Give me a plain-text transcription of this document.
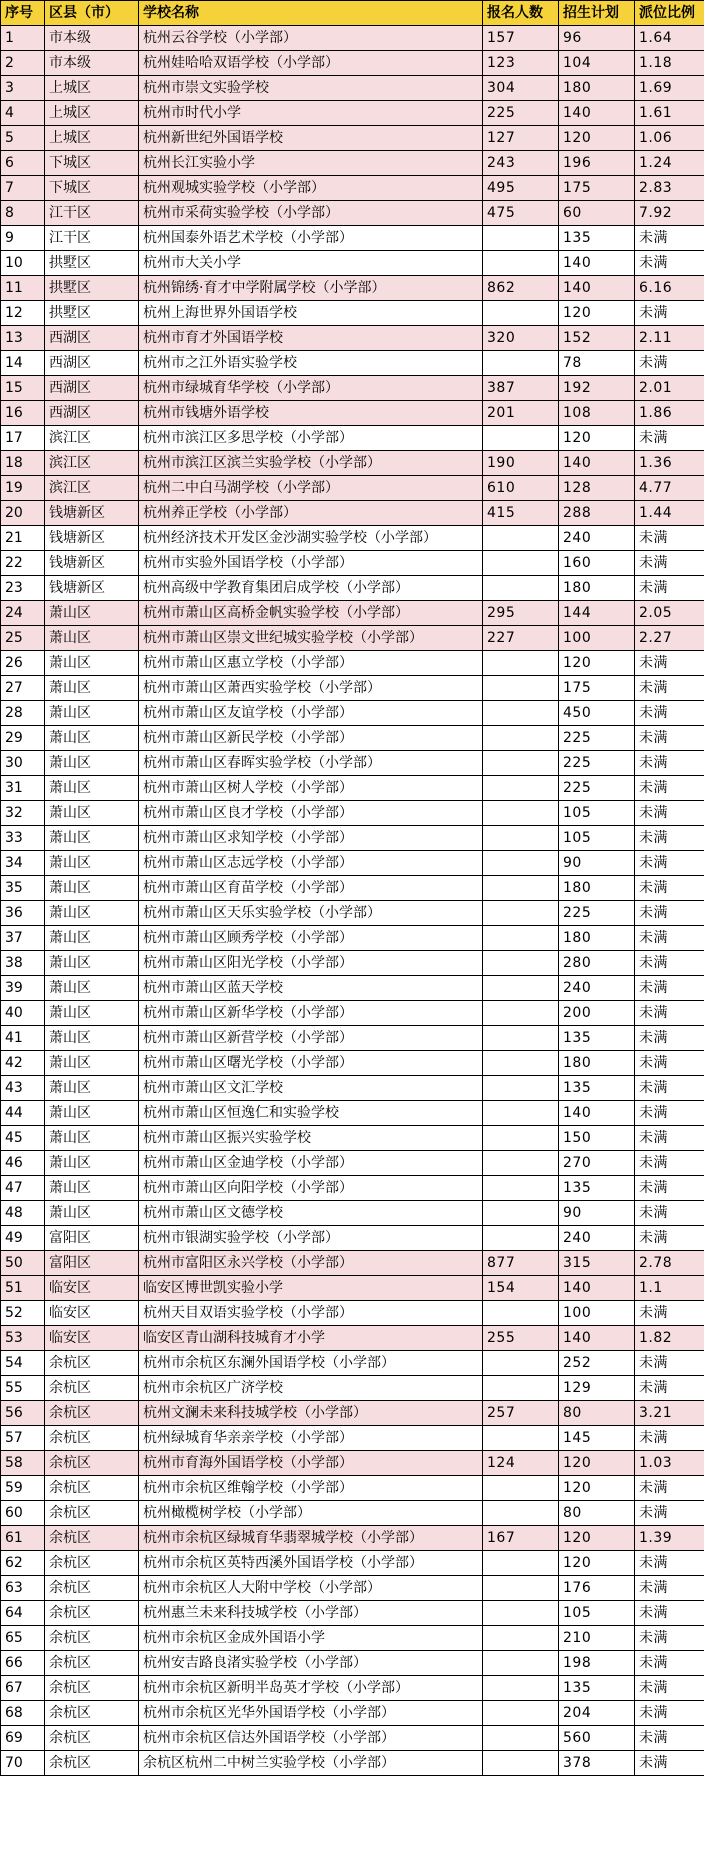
序号	区县（市）	学校名称	报名人数	招生计划	派位比例
1	市本级	杭州云谷学校（小学部）	157	96	1.64
2	市本级	杭州娃哈哈双语学校（小学部）	123	104	1.18
3	上城区	杭州市崇文实验学校	304	180	1.69
4	上城区	杭州市时代小学	225	140	1.61
5	上城区	杭州新世纪外国语学校	127	120	1.06
6	下城区	杭州长江实验小学	243	196	1.24
7	下城区	杭州观城实验学校（小学部）	495	175	2.83
8	江干区	杭州市采荷实验学校（小学部）	475	60	7.92
9	江干区	杭州国泰外语艺术学校（小学部）		135	未满
10	拱墅区	杭州市大关小学		140	未满
11	拱墅区	杭州锦绣·育才中学附属学校（小学部）	862	140	6.16
12	拱墅区	杭州上海世界外国语学校		120	未满
13	西湖区	杭州市育才外国语学校	320	152	2.11
14	西湖区	杭州市之江外语实验学校		78	未满
15	西湖区	杭州市绿城育华学校（小学部）	387	192	2.01
16	西湖区	杭州市钱塘外语学校	201	108	1.86
17	滨江区	杭州市滨江区多思学校（小学部）		120	未满
18	滨江区	杭州市滨江区滨兰实验学校（小学部）	190	140	1.36
19	滨江区	杭州二中白马湖学校（小学部）	610	128	4.77
20	钱塘新区	杭州养正学校（小学部）	415	288	1.44
21	钱塘新区	杭州经济技术开发区金沙湖实验学校（小学部）		240	未满
22	钱塘新区	杭州市实验外国语学校（小学部）		160	未满
23	钱塘新区	杭州高级中学教育集团启成学校（小学部）		180	未满
24	萧山区	杭州市萧山区高桥金帆实验学校（小学部）	295	144	2.05
25	萧山区	杭州市萧山区崇文世纪城实验学校（小学部）	227	100	2.27
26	萧山区	杭州市萧山区惠立学校（小学部）		120	未满
27	萧山区	杭州市萧山区萧西实验学校（小学部）		175	未满
28	萧山区	杭州市萧山区友谊学校（小学部）		450	未满
29	萧山区	杭州市萧山区新民学校（小学部）		225	未满
30	萧山区	杭州市萧山区春晖实验学校（小学部）		225	未满
31	萧山区	杭州市萧山区树人学校（小学部）		225	未满
32	萧山区	杭州市萧山区良才学校（小学部）		105	未满
33	萧山区	杭州市萧山区求知学校（小学部）		105	未满
34	萧山区	杭州市萧山区志远学校（小学部）		90	未满
35	萧山区	杭州市萧山区育苗学校（小学部）		180	未满
36	萧山区	杭州市萧山区天乐实验学校（小学部）		225	未满
37	萧山区	杭州市萧山区顾秀学校（小学部）		180	未满
38	萧山区	杭州市萧山区阳光学校（小学部）		280	未满
39	萧山区	杭州市萧山区蓝天学校		240	未满
40	萧山区	杭州市萧山区新华学校（小学部）		200	未满
41	萧山区	杭州市萧山区新营学校（小学部）		135	未满
42	萧山区	杭州市萧山区曙光学校（小学部）		180	未满
43	萧山区	杭州市萧山区文汇学校		135	未满
44	萧山区	杭州市萧山区恒逸仁和实验学校		140	未满
45	萧山区	杭州市萧山区振兴实验学校		150	未满
46	萧山区	杭州市萧山区金迪学校（小学部）		270	未满
47	萧山区	杭州市萧山区向阳学校（小学部）		135	未满
48	萧山区	杭州市萧山区文德学校		90	未满
49	富阳区	杭州市银湖实验学校（小学部）		240	未满
50	富阳区	杭州市富阳区永兴学校（小学部）	877	315	2.78
51	临安区	临安区博世凯实验小学	154	140	1.1
52	临安区	杭州天目双语实验学校（小学部）		100	未满
53	临安区	临安区青山湖科技城育才小学	255	140	1.82
54	余杭区	杭州市余杭区东澜外国语学校（小学部）		252	未满
55	余杭区	杭州市余杭区广济学校		129	未满
56	余杭区	杭州文澜未来科技城学校（小学部）	257	80	3.21
57	余杭区	杭州绿城育华亲亲学校（小学部）		145	未满
58	余杭区	杭州市育海外国语学校（小学部）	124	120	1.03
59	余杭区	杭州市余杭区维翰学校（小学部）		120	未满
60	余杭区	杭州橄榄树学校（小学部）		80	未满
61	余杭区	杭州市余杭区绿城育华翡翠城学校（小学部）	167	120	1.39
62	余杭区	杭州市余杭区英特西溪外国语学校（小学部）		120	未满
63	余杭区	杭州市余杭区人大附中学校（小学部）		176	未满
64	余杭区	杭州惠兰未来科技城学校（小学部）		105	未满
65	余杭区	杭州市余杭区金成外国语小学		210	未满
66	余杭区	杭州安吉路良渚实验学校（小学部）		198	未满
67	余杭区	杭州市余杭区新明半岛英才学校（小学部）		135	未满
68	余杭区	杭州市余杭区光华外国语学校（小学部）		204	未满
69	余杭区	杭州市余杭区信达外国语学校（小学部）		560	未满
70	余杭区	余杭区杭州二中树兰实验学校（小学部）		378	未满
